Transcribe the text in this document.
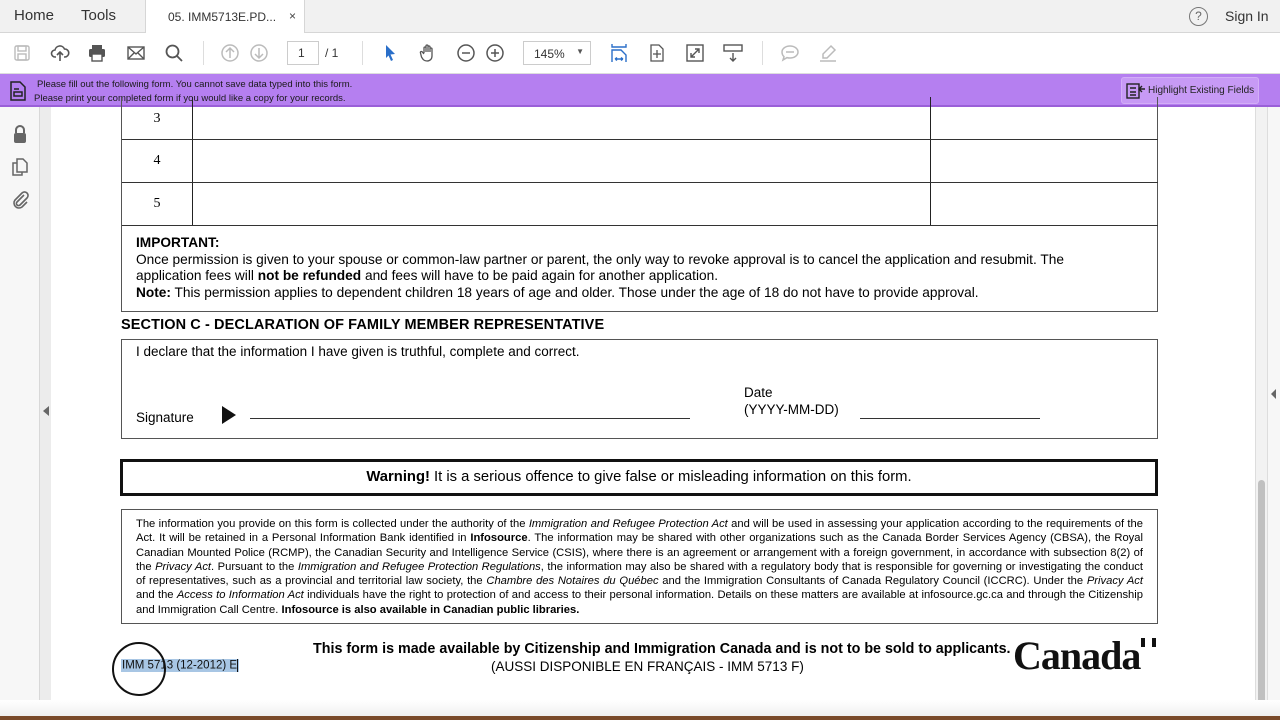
Home Tools	05. IMM5713E.PD... ×	?	Sign In
1	/ 1	145% ▼
Please fill out the following form. You cannot save data typed into this form.
Please print your completed form if you would like a copy for your records.
Highlight Existing Fields
3
4
5
IMPORTANT:
Once permission is given to your spouse or common-law partner or parent, the only way to revoke approval is to cancel the application and resubmit. The
application fees will not be refunded and fees will have to be paid again for another application.
Note: This permission applies to dependent children 18 years of age and older. Those under the age of 18 do not have to provide approval.
SECTION C - DECLARATION OF FAMILY MEMBER REPRESENTATIVE
I declare that the information I have given is truthful, complete and correct.
Signature
Date
(YYYY-MM-DD)
Warning! It is a serious offence to give false or misleading information on this form.
The information you provide on this form is collected under the authority of the Immigration and Refugee Protection Act and will be used in assessing your application according to the requirements of the Act. It will be retained in a Personal Information Bank identified in Infosource. The information may be shared with other organizations such as the Canada Border Services Agency (CBSA), the Royal Canadian Mounted Police (RCMP), the Canadian Security and Intelligence Service (CSIS), where there is an agreement or arrangement with a foreign government, in accordance with subsection 8(2) of the Privacy Act. Pursuant to the Immigration and Refugee Protection Regulations, the information may also be shared with a regulatory body that is responsible for governing or investigating the conduct of representatives, such as a provincial and territorial law society, the Chambre des Notaires du Québec and the Immigration Consultants of Canada Regulatory Council (ICCRC). Under the Privacy Act and the Access to Information Act individuals have the right to protection of and access to their personal information. Details on these matters are available at infosource.gc.ca and through the Citizenship and Immigration Call Centre. Infosource is also available in Canadian public libraries.
IMM 5713 (12-2012) E
This form is made available by Citizenship and Immigration Canada and is not to be sold to applicants.
(AUSSI DISPONIBLE EN FRANÇAIS - IMM 5713 F)	Canada
